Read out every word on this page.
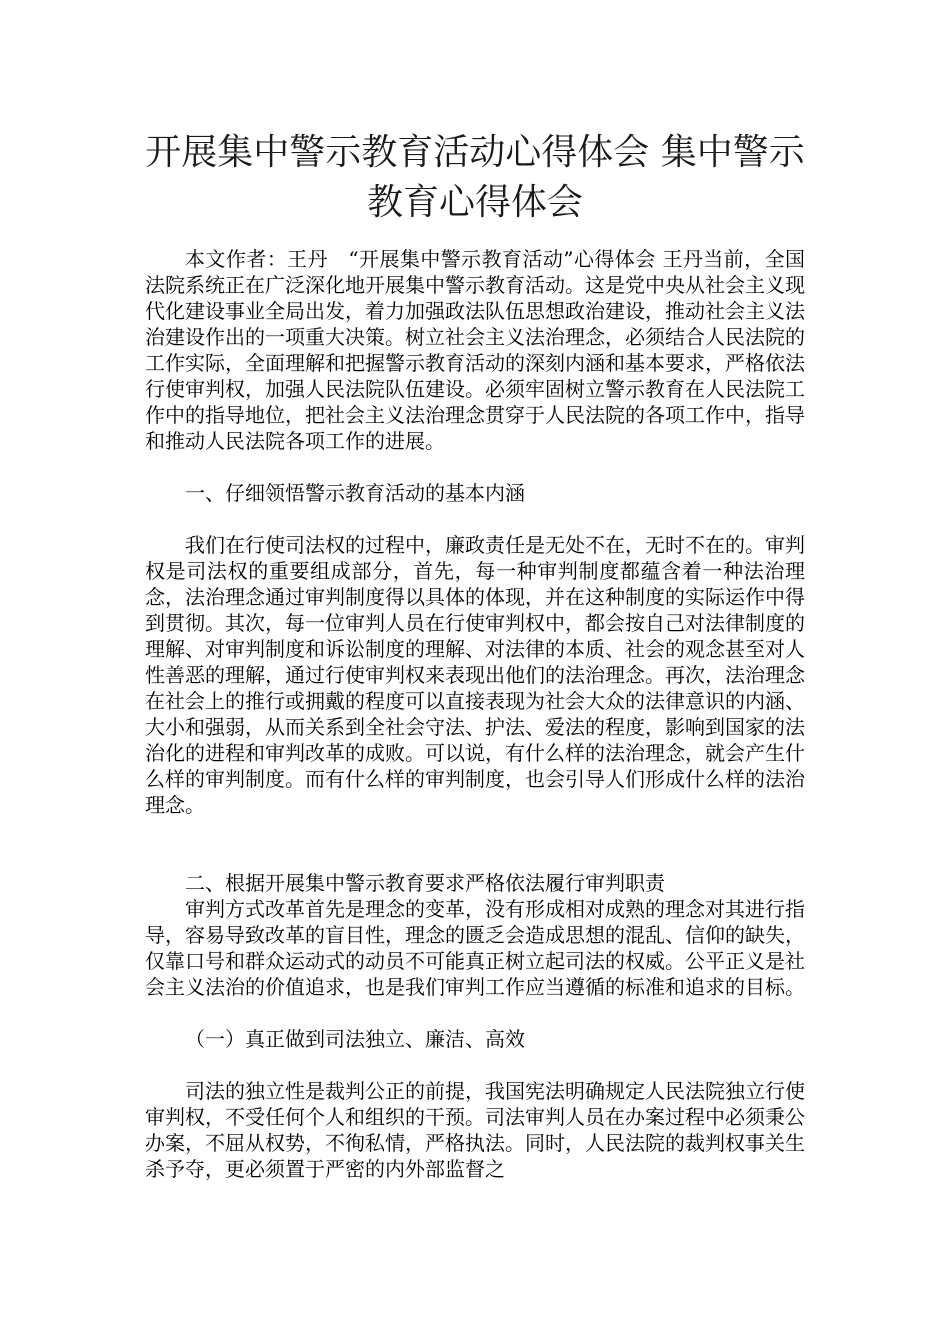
开展集中警示教育活动心得体会 集中警示教育心得体会

本文作者：王丹　“开展集中警示教育活动”心得体会 王丹当前，全国法院系统正在广泛深化地开展集中警示教育活动。这是党中央从社会主义现代化建设事业全局出发，着力加强政法队伍思想政治建设，推动社会主义法治建设作出的一项重大决策。树立社会主义法治理念，必须结合人民法院的工作实际，全面理解和把握警示教育活动的深刻内涵和基本要求，严格依法行使审判权，加强人民法院队伍建设。必须牢固树立警示教育在人民法院工作中的指导地位，把社会主义法治理念贯穿于人民法院的各项工作中，指导和推动人民法院各项工作的进展。

一、仔细领悟警示教育活动的基本内涵

我们在行使司法权的过程中，廉政责任是无处不在，无时不在的。审判权是司法权的重要组成部分，首先，每一种审判制度都蕴含着一种法治理念，法治理念通过审判制度得以具体的体现，并在这种制度的实际运作中得到贯彻。其次，每一位审判人员在行使审判权中，都会按自己对法律制度的理解、对审判制度和诉讼制度的理解、对法律的本质、社会的观念甚至对人性善恶的理解，通过行使审判权来表现出他们的法治理念。再次，法治理念在社会上的推行或拥戴的程度可以直接表现为社会大众的法律意识的内涵、大小和强弱，从而关系到全社会守法、护法、爱法的程度，影响到国家的法治化的进程和审判改革的成败。可以说，有什么样的法治理念，就会产生什么样的审判制度。而有什么样的审判制度，也会引导人们形成什么样的法治理念。

二、根据开展集中警示教育要求严格依法履行审判职责

审判方式改革首先是理念的变革，没有形成相对成熟的理念对其进行指导，容易导致改革的盲目性，理念的匮乏会造成思想的混乱、信仰的缺失，仅靠口号和群众运动式的动员不可能真正树立起司法的权威。公平正义是社会主义法治的价值追求，也是我们审判工作应当遵循的标准和追求的目标。

（一）真正做到司法独立、廉洁、高效

司法的独立性是裁判公正的前提，我国宪法明确规定人民法院独立行使审判权，不受任何个人和组织的干预。司法审判人员在办案过程中必须秉公办案，不屈从权势，不徇私情，严格执法。同时，人民法院的裁判权事关生杀予夺，更必须置于严密的内外部监督之
